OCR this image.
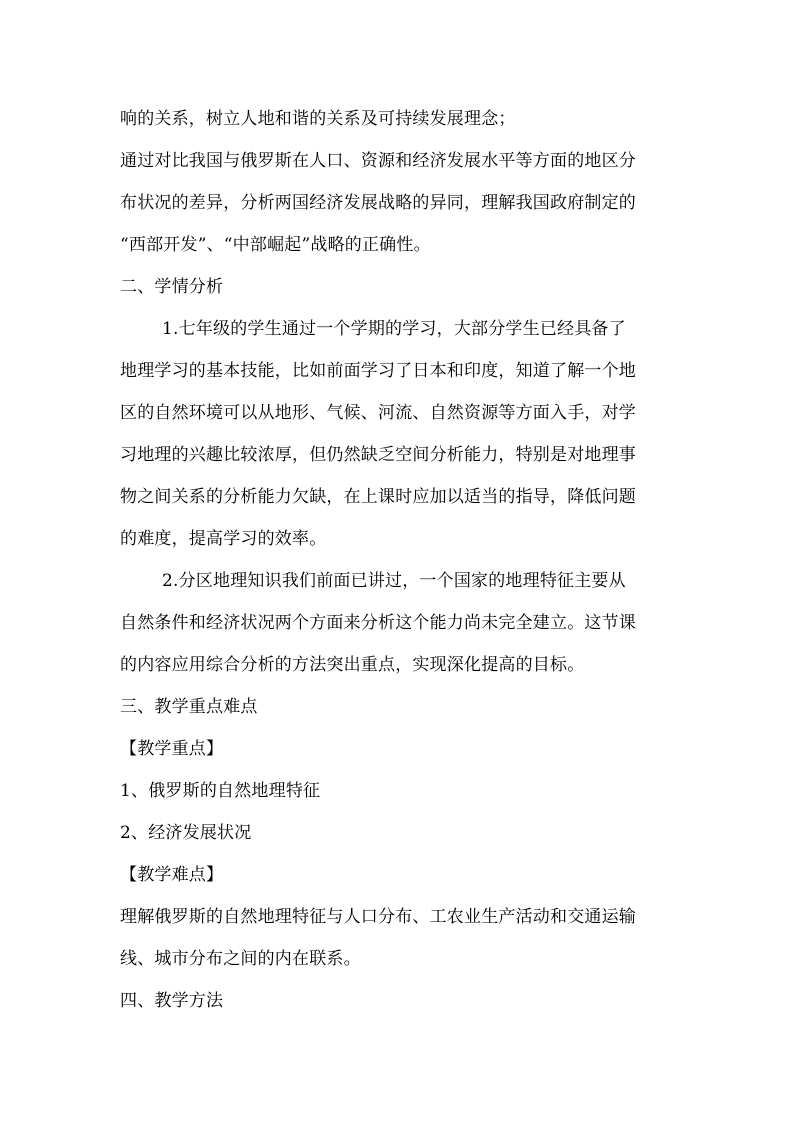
响的关系，树立人地和谐的关系及可持续发展理念；
通过对比我国与俄罗斯在人口、资源和经济发展水平等方面的地区分
布状况的差异，分析两国经济发展战略的异同，理解我国政府制定的
“西部开发”、“中部崛起”战略的正确性。
二、学情分析
1.七年级的学生通过一个学期的学习，大部分学生已经具备了
地理学习的基本技能，比如前面学习了日本和印度，知道了解一个地
区的自然环境可以从地形、气候、河流、自然资源等方面入手，对学
习地理的兴趣比较浓厚，但仍然缺乏空间分析能力，特别是对地理事
物之间关系的分析能力欠缺，在上课时应加以适当的指导，降低问题
的难度，提高学习的效率。
2.分区地理知识我们前面已讲过，一个国家的地理特征主要从
自然条件和经济状况两个方面来分析这个能力尚未完全建立。这节课
的内容应用综合分析的方法突出重点，实现深化提高的目标。
三、教学重点难点
【教学重点】
1、俄罗斯的自然地理特征
2、经济发展状况
【教学难点】
理解俄罗斯的自然地理特征与人口分布、工农业生产活动和交通运输
线、城市分布之间的内在联系。
四、教学方法
